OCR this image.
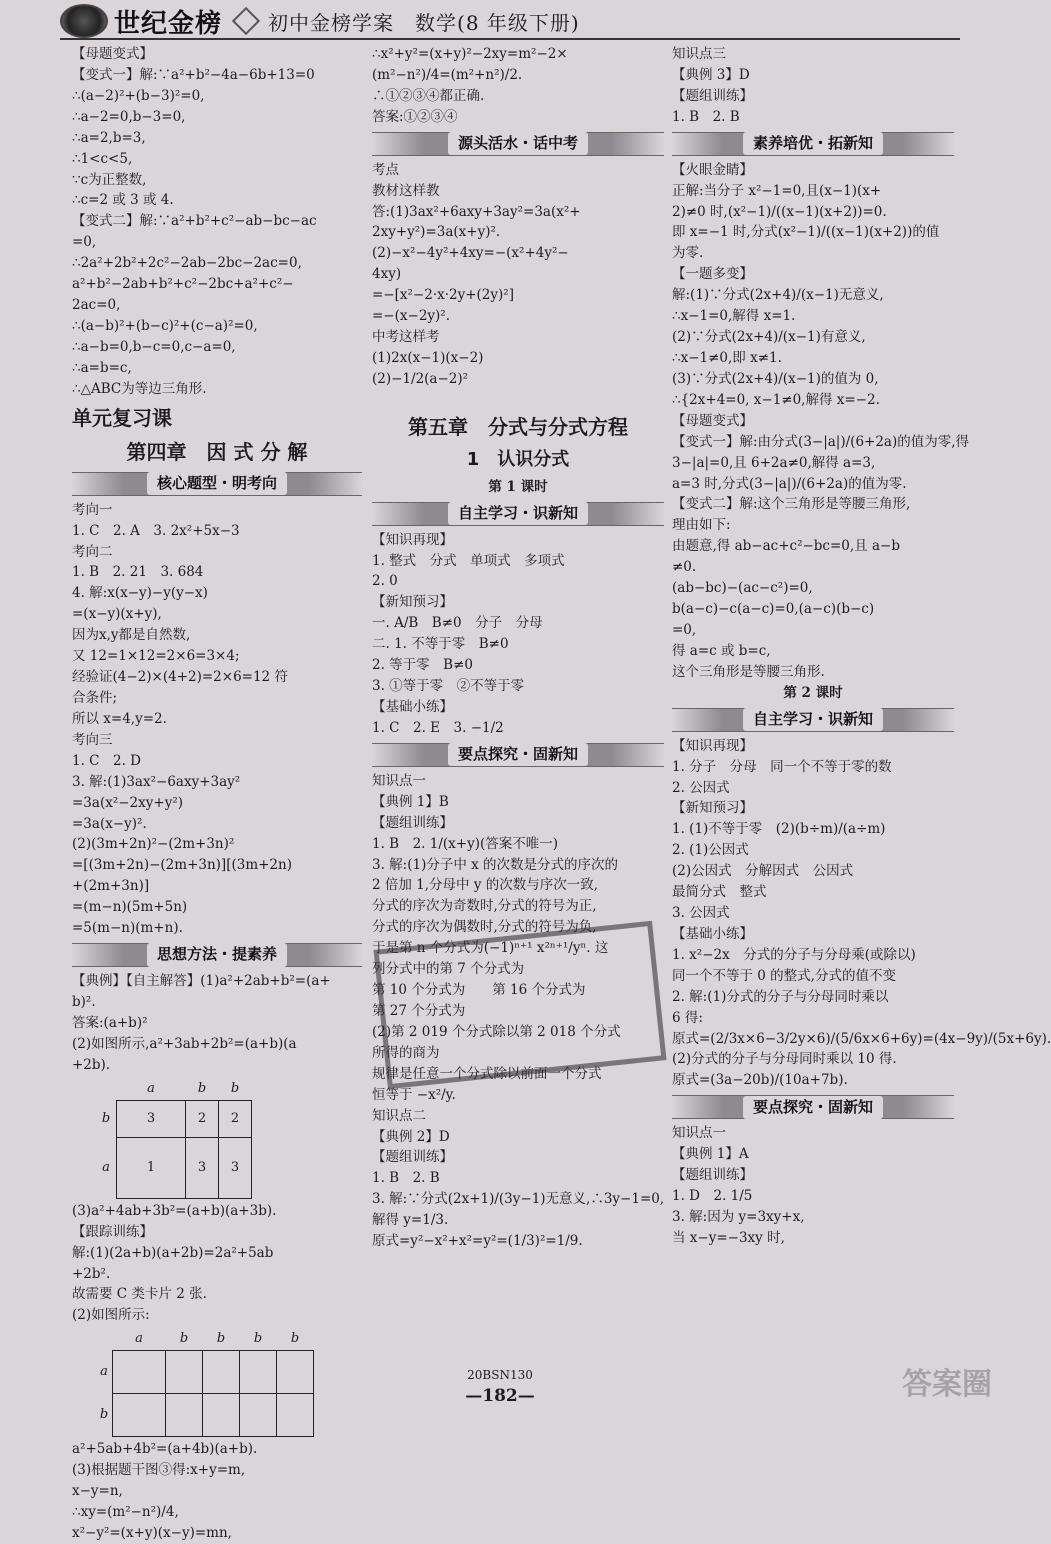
世纪金榜 初中金榜学案　数学(8 年级下册)
【母题变式】
【变式一】解:∵a²+b²−4a−6b+13=0
∴(a−2)²+(b−3)²=0,
∴a−2=0,b−3=0,
∴a=2,b=3,
∴1<c<5,
∵c为正整数,
∴c=2 或 3 或 4.
【变式二】解:∵a²+b²+c²−ab−bc−ac
=0,
∴2a²+2b²+2c²−2ab−2bc−2ac=0,
a²+b²−2ab+b²+c²−2bc+a²+c²−
2ac=0,
∴(a−b)²+(b−c)²+(c−a)²=0,
∴a−b=0,b−c=0,c−a=0,
∴a=b=c,
∴△ABC为等边三角形.
单元复习课
第四章　因 式 分 解
核心题型・明考向
考向一
1. C　2. A　3. 2x²+5x−3
考向二
1. B　2. 21　3. 684
4. 解:x(x−y)−y(y−x)
=(x−y)(x+y),
因为x,y都是自然数,
又 12=1×12=2×6=3×4;
经验证(4−2)×(4+2)=2×6=12 符
合条件;
所以 x=4,y=2.
考向三
1. C　2. D
3. 解:(1)3ax²−6axy+3ay²
=3a(x²−2xy+y²)
=3a(x−y)².
(2)(3m+2n)²−(2m+3n)²
=[(3m+2n)−(2m+3n)][(3m+2n)
+(2m+3n)]
=(m−n)(5m+5n)
=5(m−n)(m+n).
思想方法・提素养
【典例】【自主解答】(1)a²+2ab+b²=(a+
b)².
答案:(a+b)²
(2)如图所示,a²+3ab+2b²=(a+b)(a
+2b).
	a	b	b
b	3	2	2
a	1	3	3
(3)a²+4ab+3b²=(a+b)(a+3b).
【跟踪训练】
解:(1)(2a+b)(a+2b)=2a²+5ab
+2b².
故需要 C 类卡片 2 张.
(2)如图所示:
	a	b	b	b	b
a					
b					
a²+5ab+4b²=(a+4b)(a+b).
(3)根据题干图③得:x+y=m,
x−y=n,
∴xy=(m²−n²)/4,
x²−y²=(x+y)(x−y)=mn,
∴x²+y²=(x+y)²−2xy=m²−2×
(m²−n²)/4=(m²+n²)/2.
∴①②③④都正确.
答案:①②③④
源头活水・话中考
考点
教材这样教
答:(1)3ax²+6axy+3ay²=3a(x²+
2xy+y²)=3a(x+y)².
(2)−x²−4y²+4xy=−(x²+4y²−
4xy)
=−[x²−2·x·2y+(2y)²]
=−(x−2y)².
中考这样考
(1)2x(x−1)(x−2)
(2)−1/2(a−2)²
第五章　分式与分式方程
1　认识分式
第 1 课时
自主学习・识新知
【知识再现】
1. 整式　分式　单项式　多项式
2. 0
【新知预习】
一. A/B　B≠0　分子　分母
二. 1. 不等于零　B≠0
2. 等于零　B≠0
3. ①等于零　②不等于零
【基础小练】
1. C　2. E　3. −1/2
要点探究・固新知
知识点一
【典例 1】B
【题组训练】
1. B　2. 1/(x+y)(答案不唯一)
3. 解:(1)分子中 x 的次数是分式的序次的
2 倍加 1,分母中 y 的次数与序次一致,
分式的序次为奇数时,分式的符号为正,
分式的序次为偶数时,分式的符号为负,
于是第 n 个分式为(−1)ⁿ⁺¹ x²ⁿ⁺¹/yⁿ. 这
列分式中的第 7 个分式为
第 10 个分式为　　第 16 个分式为
第 27 个分式为
(2)第 2 019 个分式除以第 2 018 个分式
所得的商为
规律是任意一个分式除以前面一个分式
恒等于 −x²/y.
知识点二
【典例 2】D
【题组训练】
1. B　2. B
3. 解:∵分式(2x+1)/(3y−1)无意义,∴3y−1=0,
解得 y=1/3.
原式=y²−x²+x²=y²=(1/3)²=1/9.
知识点三
【典例 3】D
【题组训练】
1. B　2. B
素养培优・拓新知
【火眼金睛】
正解:当分子 x²−1=0,且(x−1)(x+
2)≠0 时,(x²−1)/((x−1)(x+2))=0.
即 x=−1 时,分式(x²−1)/((x−1)(x+2))的值
为零.
【一题多变】
解:(1)∵分式(2x+4)/(x−1)无意义,
∴x−1=0,解得 x=1.
(2)∵分式(2x+4)/(x−1)有意义,
∴x−1≠0,即 x≠1.
(3)∵分式(2x+4)/(x−1)的值为 0,
∴{2x+4=0, x−1≠0,解得 x=−2.
【母题变式】
【变式一】解:由分式(3−|a|)/(6+2a)的值为零,得
3−|a|=0,且 6+2a≠0,解得 a=3,
a=3 时,分式(3−|a|)/(6+2a)的值为零.
【变式二】解:这个三角形是等腰三角形,
理由如下:
由题意,得 ab−ac+c²−bc=0,且 a−b
≠0.
(ab−bc)−(ac−c²)=0,
b(a−c)−c(a−c)=0,(a−c)(b−c)
=0,
得 a=c 或 b=c,
这个三角形是等腰三角形.
第 2 课时
自主学习・识新知
【知识再现】
1. 分子　分母　同一个不等于零的数
2. 公因式
【新知预习】
1. (1)不等于零　(2)(b÷m)/(a÷m)
2. (1)公因式
(2)公因式　分解因式　公因式
最简分式　整式
3. 公因式
【基础小练】
1. x²−2x　分式的分子与分母乘(或除以)
同一个不等于 0 的整式,分式的值不变
2. 解:(1)分式的分子与分母同时乘以
6 得:
原式=(2/3x×6−3/2y×6)/(5/6x×6+6y)=(4x−9y)/(5x+6y).
(2)分式的分子与分母同时乘以 10 得.
原式=(3a−20b)/(10a+7b).
要点探究・固新知
知识点一
【典例 1】A
【题组训练】
1. D　2. 1/5
3. 解:因为 y=3xy+x,
当 x−y=−3xy 时,
20BSN130
—182—	答案圈
